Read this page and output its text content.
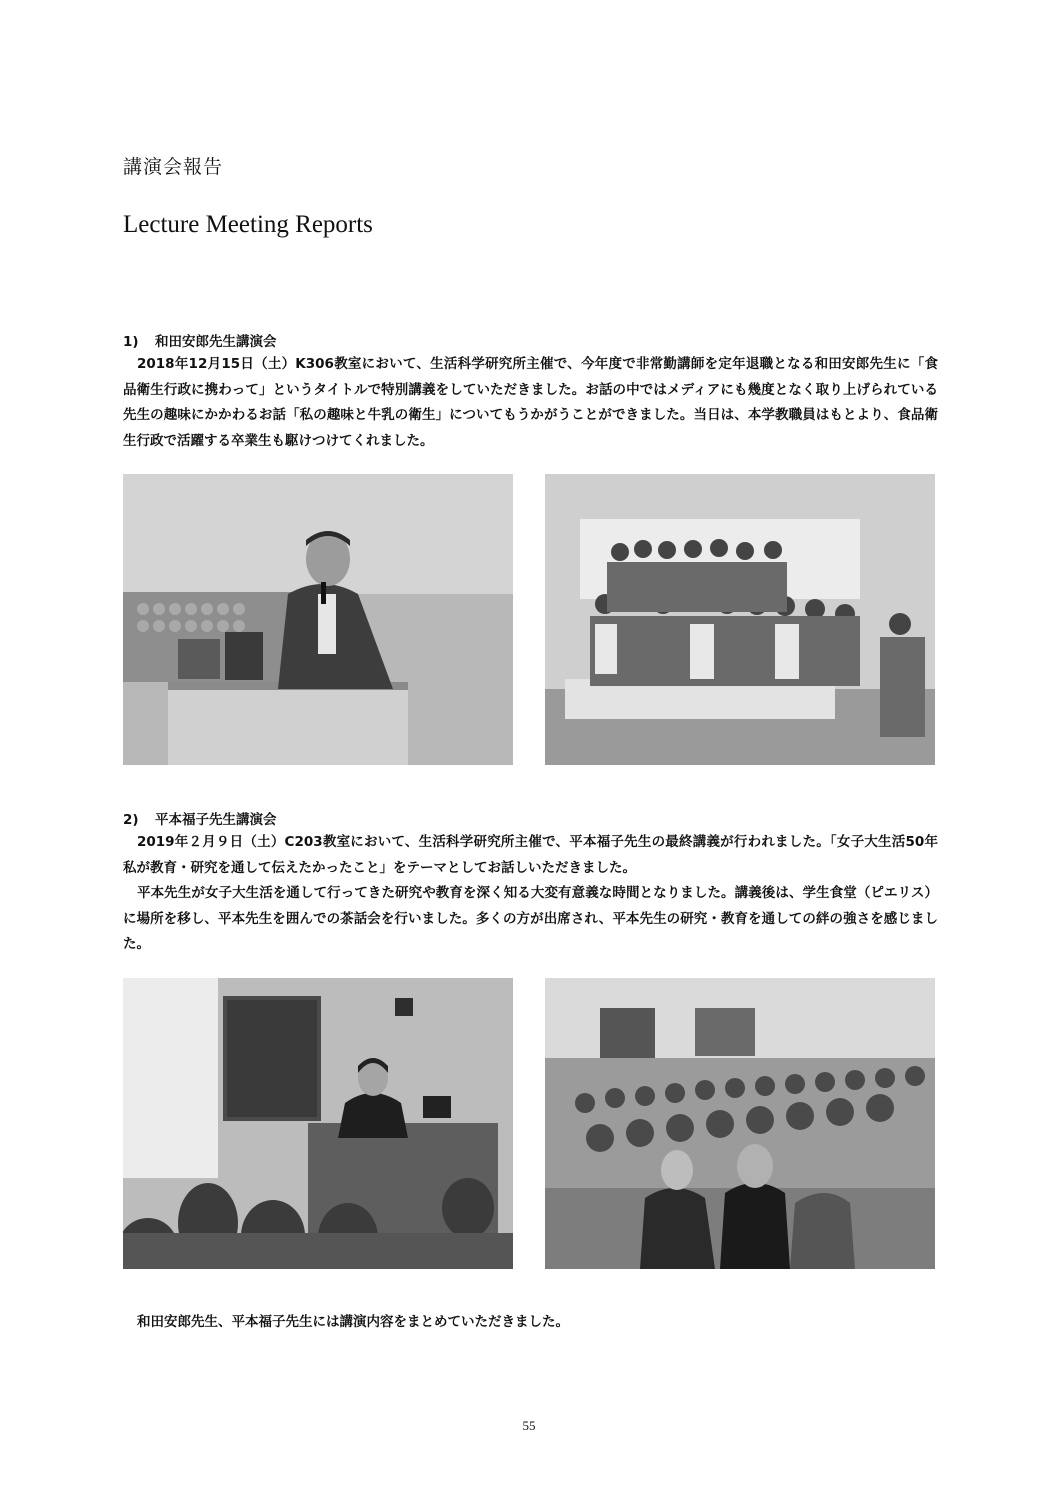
講演会報告
Lecture Meeting Reports
1) 和田安郎先生講演会

2018年12月15日（土）K306教室において、生活科学研究所主催で、今年度で非常勤講師を定年退職となる和田安郎先生に「食品衛生行政に携わって」というタイトルで特別講義をしていただきました。お話の中ではメディアにも幾度となく取り上げられている先生の趣味にかかわるお話「私の趣味と牛乳の衛生」についてもうかがうことができました。当日は、本学教職員はもとより、食品衛生行政で活躍する卒業生も駆けつけてくれました。

2) 平本福子先生講演会

2019年２月９日（土）C203教室において、生活科学研究所主催で、平本福子先生の最終講義が行われました。「女子大生活50年　私が教育・研究を通して伝えたかったこと」をテーマとしてお話しいただきました。

平本先生が女子大生活を通して行ってきた研究や教育を深く知る大変有意義な時間となりました。講義後は、学生食堂（ピエリス）に場所を移し、平本先生を囲んでの茶話会を行いました。多くの方が出席され、平本先生の研究・教育を通しての絆の強さを感じました。

和田安郎先生、平本福子先生には講演内容をまとめていただきました。
55
